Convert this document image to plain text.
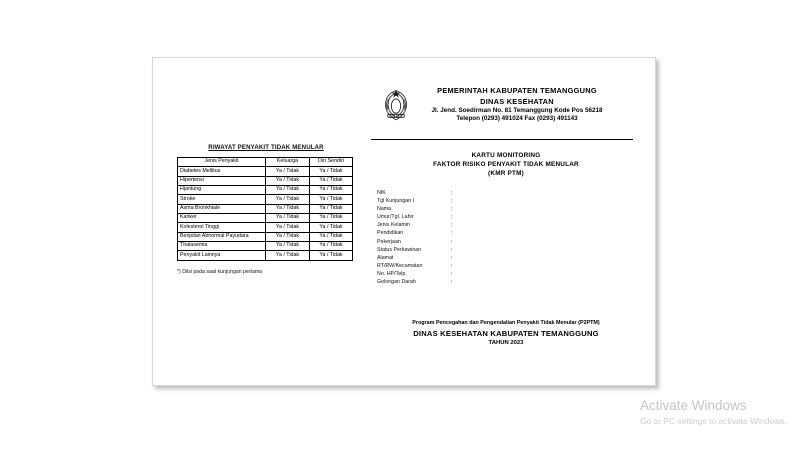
RIWAYAT PENYAKIT TIDAK MENULAR
Jenis Penyakit	Keluarga	Diri Sendiri
Diabetes Mellitus	Ya / Tidak	Ya / Tidak
Hipertensi	Ya / Tidak	Ya / Tidak
Hjantung	Ya / Tidak	Ya / Tidak
Stroke	Ya / Tidak	Ya / Tidak
Asma Bronkhiale	Ya / Tidak	Ya / Tidak
Kanker	Ya / Tidak	Ya / Tidak
Kolesterol Tinggi	Ya / Tidak	Ya / Tidak
Benjolan Abnormal Payudara	Ya / Tidak	Ya / Tidak
Thalasemia	Ya / Tidak	Ya / Tidak
Penyakit Lainnya	Ya / Tidak	Ya / Tidak
*) Diisi pada saat kunjungan pertama
PEMERINTAH KABUPATEN TEMANGGUNG
DINAS KESEHATAN
Jl. Jend. Soedirman No. 81 Temanggung Kode Pos 56218
Telepon (0293) 491024 Fax (0293) 491143
KARTU MONITORING
FAKTOR RISIKO PENYAKIT TIDAK MENULAR
(KMR PTM)
NIK	:
Tgl Kunjungan I	:
Nama	:
Umur/Tgl. Lahir	:
Jenis Kelamin	:
Pendidikan	:
Pekerjaan	:
Status Perkawinan	:
Alamat	:
RT/RW/Kecamatan	:
No. HP/Telp.	:
Golongan Darah	:
Program Pencegahan dan Pengendalian Penyakit Tidak Menular (P2PTM)
DINAS KESEHATAN KABUPATEN TEMANGGUNG
TAHUN 2023
Activate Windows
Go to PC settings to activate Windows.
